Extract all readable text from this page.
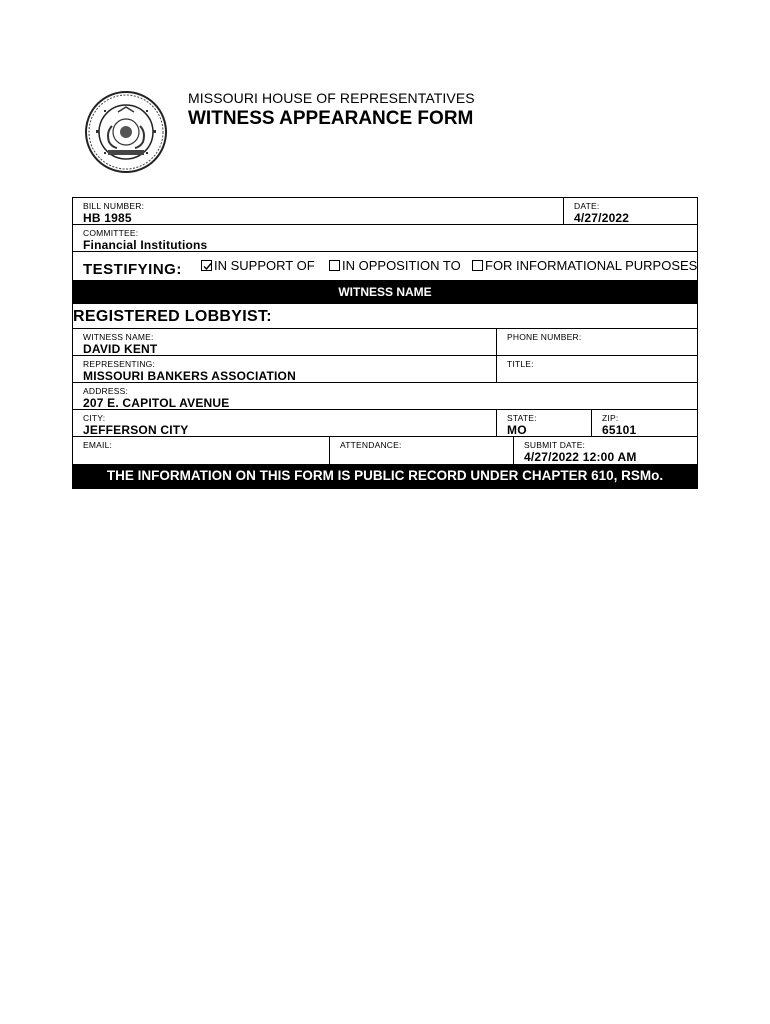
MISSOURI HOUSE OF REPRESENTATIVES
WITNESS APPEARANCE FORM
BILL NUMBER:
HB 1985
DATE:
4/27/2022
COMMITTEE:
Financial Institutions
TESTIFYING: IN SUPPORT OF IN OPPOSITION TO FOR INFORMATIONAL PURPOSES
WITNESS NAME
REGISTERED LOBBYIST:
WITNESS NAME:
DAVID KENT
PHONE NUMBER:
REPRESENTING:
MISSOURI BANKERS ASSOCIATION
TITLE:
ADDRESS:
207 E. CAPITOL AVENUE
CITY:
JEFFERSON CITY
STATE:
MO
ZIP:
65101
EMAIL:	ATTENDANCE:	SUBMIT DATE:
4/27/2022 12:00 AM
THE INFORMATION ON THIS FORM IS PUBLIC RECORD UNDER CHAPTER 610, RSMo.
